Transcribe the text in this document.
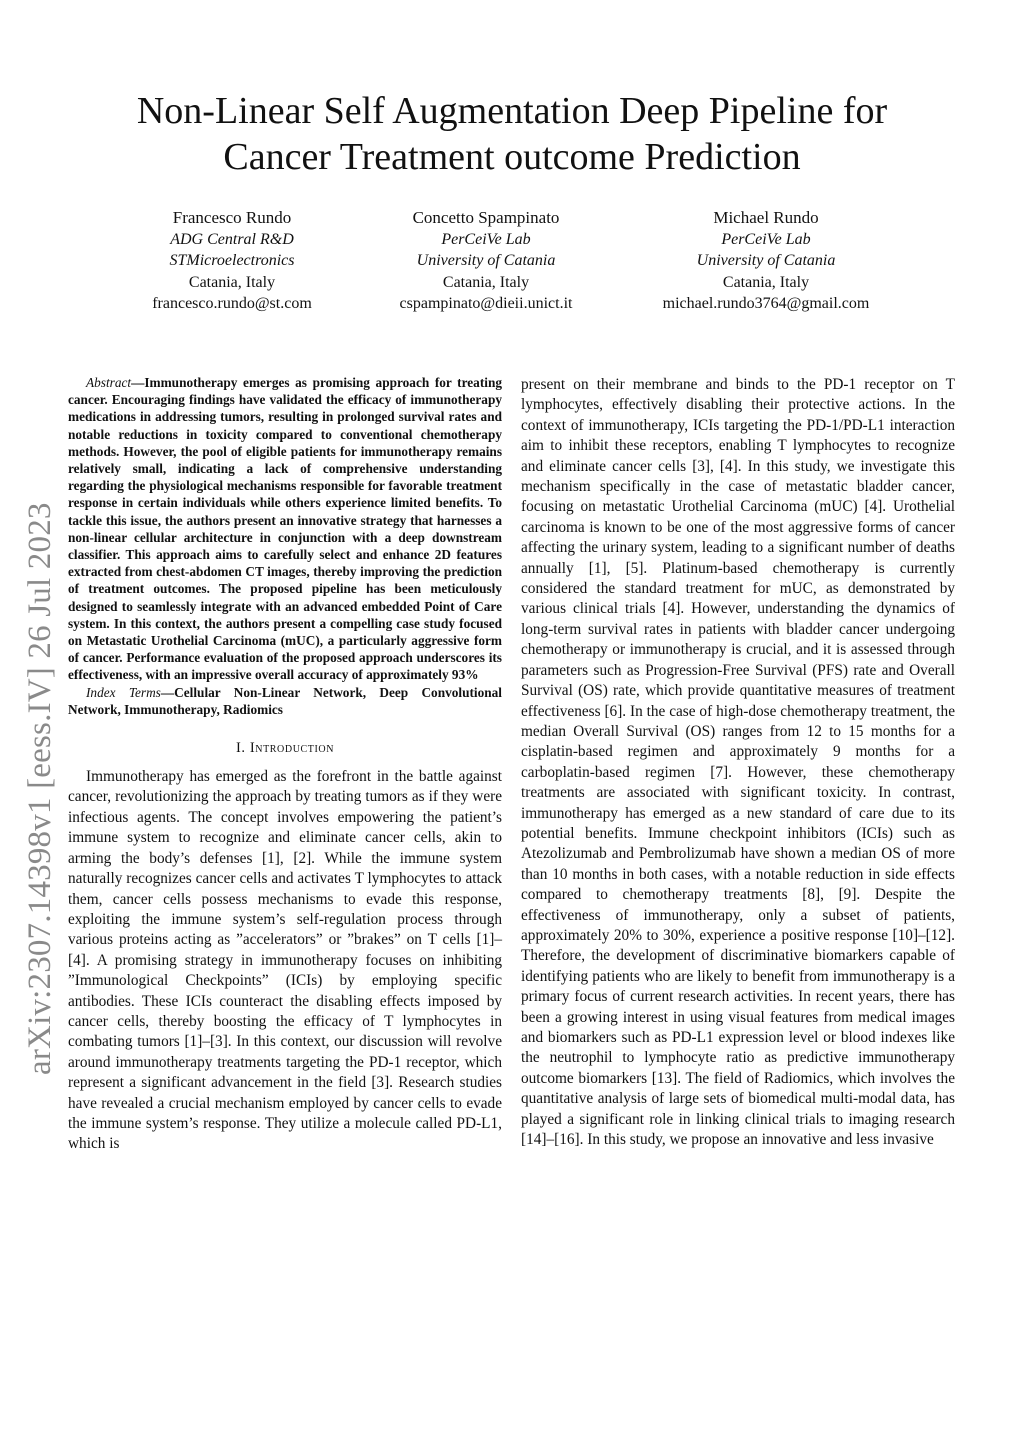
arXiv:2307.14398v1 [eess.IV] 26 Jul 2023
Non-Linear Self Augmentation Deep Pipeline for
Cancer Treatment outcome Prediction
Francesco Rundo
ADG Central R&D
STMicroelectronics
Catania, Italy
francesco.rundo@st.com
Concetto Spampinato
PerCeiVe Lab
University of Catania
Catania, Italy
cspampinato@dieii.unict.it
Michael Rundo
PerCeiVe Lab
University of Catania
Catania, Italy
michael.rundo3764@gmail.com

Abstract—Immunotherapy emerges as promising approach for treating cancer. Encouraging findings have validated the efficacy of immunotherapy medications in addressing tumors, resulting in prolonged survival rates and notable reductions in toxicity compared to conventional chemotherapy methods. However, the pool of eligible patients for immunotherapy remains relatively small, indicating a lack of comprehensive understanding regarding the physiological mechanisms responsible for favorable treatment response in certain individuals while others experience limited benefits. To tackle this issue, the authors present an innovative strategy that harnesses a non-linear cellular architecture in conjunction with a deep downstream classifier. This approach aims to carefully select and enhance 2D features extracted from chest-abdomen CT images, thereby improving the prediction of treatment outcomes. The proposed pipeline has been meticulously designed to seamlessly integrate with an advanced embedded Point of Care system. In this context, the authors present a compelling case study focused on Metastatic Urothelial Carcinoma (mUC), a particularly aggressive form of cancer. Performance evaluation of the proposed approach underscores its effectiveness, with an impressive overall accuracy of approximately 93%

Index Terms—Cellular Non-Linear Network, Deep Convolutional Network, Immunotherapy, Radiomics

I. Introduction

Immunotherapy has emerged as the forefront in the battle against cancer, revolutionizing the approach by treating tumors as if they were infectious agents. The concept involves empowering the patient’s immune system to recognize and eliminate cancer cells, akin to arming the body’s defenses [1], [2]. While the immune system naturally recognizes cancer cells and activates T lymphocytes to attack them, cancer cells possess mechanisms to evade this response, exploiting the immune system’s self-regulation process through various proteins acting as ”accelerators” or ”brakes” on T cells [1]–[4]. A promising strategy in immunotherapy focuses on inhibiting ”Immunological Checkpoints” (ICIs) by employing specific antibodies. These ICIs counteract the disabling effects imposed by cancer cells, thereby boosting the efficacy of T lymphocytes in combating tumors [1]–[3]. In this context, our discussion will revolve around immunotherapy treatments targeting the PD-1 receptor, which represent a significant advancement in the field [3]. Research studies have revealed a crucial mechanism employed by cancer cells to evade the immune system’s response. They utilize a molecule called PD-L1, which is

present on their membrane and binds to the PD-1 receptor on T lymphocytes, effectively disabling their protective actions. In the context of immunotherapy, ICIs targeting the PD-1/PD-L1 interaction aim to inhibit these receptors, enabling T lymphocytes to recognize and eliminate cancer cells [3], [4]. In this study, we investigate this mechanism specifically in the case of metastatic bladder cancer, focusing on metastatic Urothelial Carcinoma (mUC) [4]. Urothelial carcinoma is known to be one of the most aggressive forms of cancer affecting the urinary system, leading to a significant number of deaths annually [1], [5]. Platinum-based chemotherapy is currently considered the standard treatment for mUC, as demonstrated by various clinical trials [4]. However, understanding the dynamics of long-term survival rates in patients with bladder cancer undergoing chemotherapy or immunotherapy is crucial, and it is assessed through parameters such as Progression-Free Survival (PFS) rate and Overall Survival (OS) rate, which provide quantitative measures of treatment effectiveness [6]. In the case of high-dose chemotherapy treatment, the median Overall Survival (OS) ranges from 12 to 15 months for a cisplatin-based regimen and approximately 9 months for a carboplatin-based regimen [7]. However, these chemotherapy treatments are associated with significant toxicity. In contrast, immunotherapy has emerged as a new standard of care due to its potential benefits. Immune checkpoint inhibitors (ICIs) such as Atezolizumab and Pembrolizumab have shown a median OS of more than 10 months in both cases, with a notable reduction in side effects compared to chemotherapy treatments [8], [9]. Despite the effectiveness of immunotherapy, only a subset of patients, approximately 20% to 30%, experience a positive response [10]–[12]. Therefore, the development of discriminative biomarkers capable of identifying patients who are likely to benefit from immunotherapy is a primary focus of current research activities. In recent years, there has been a growing interest in using visual features from medical images and biomarkers such as PD-L1 expression level or blood indexes like the neutrophil to lymphocyte ratio as predictive immunotherapy outcome biomarkers [13]. The field of Radiomics, which involves the quantitative analysis of large sets of biomedical multi-modal data, has played a significant role in linking clinical trials to imaging research [14]–[16]. In this study, we propose an innovative and less invasive
